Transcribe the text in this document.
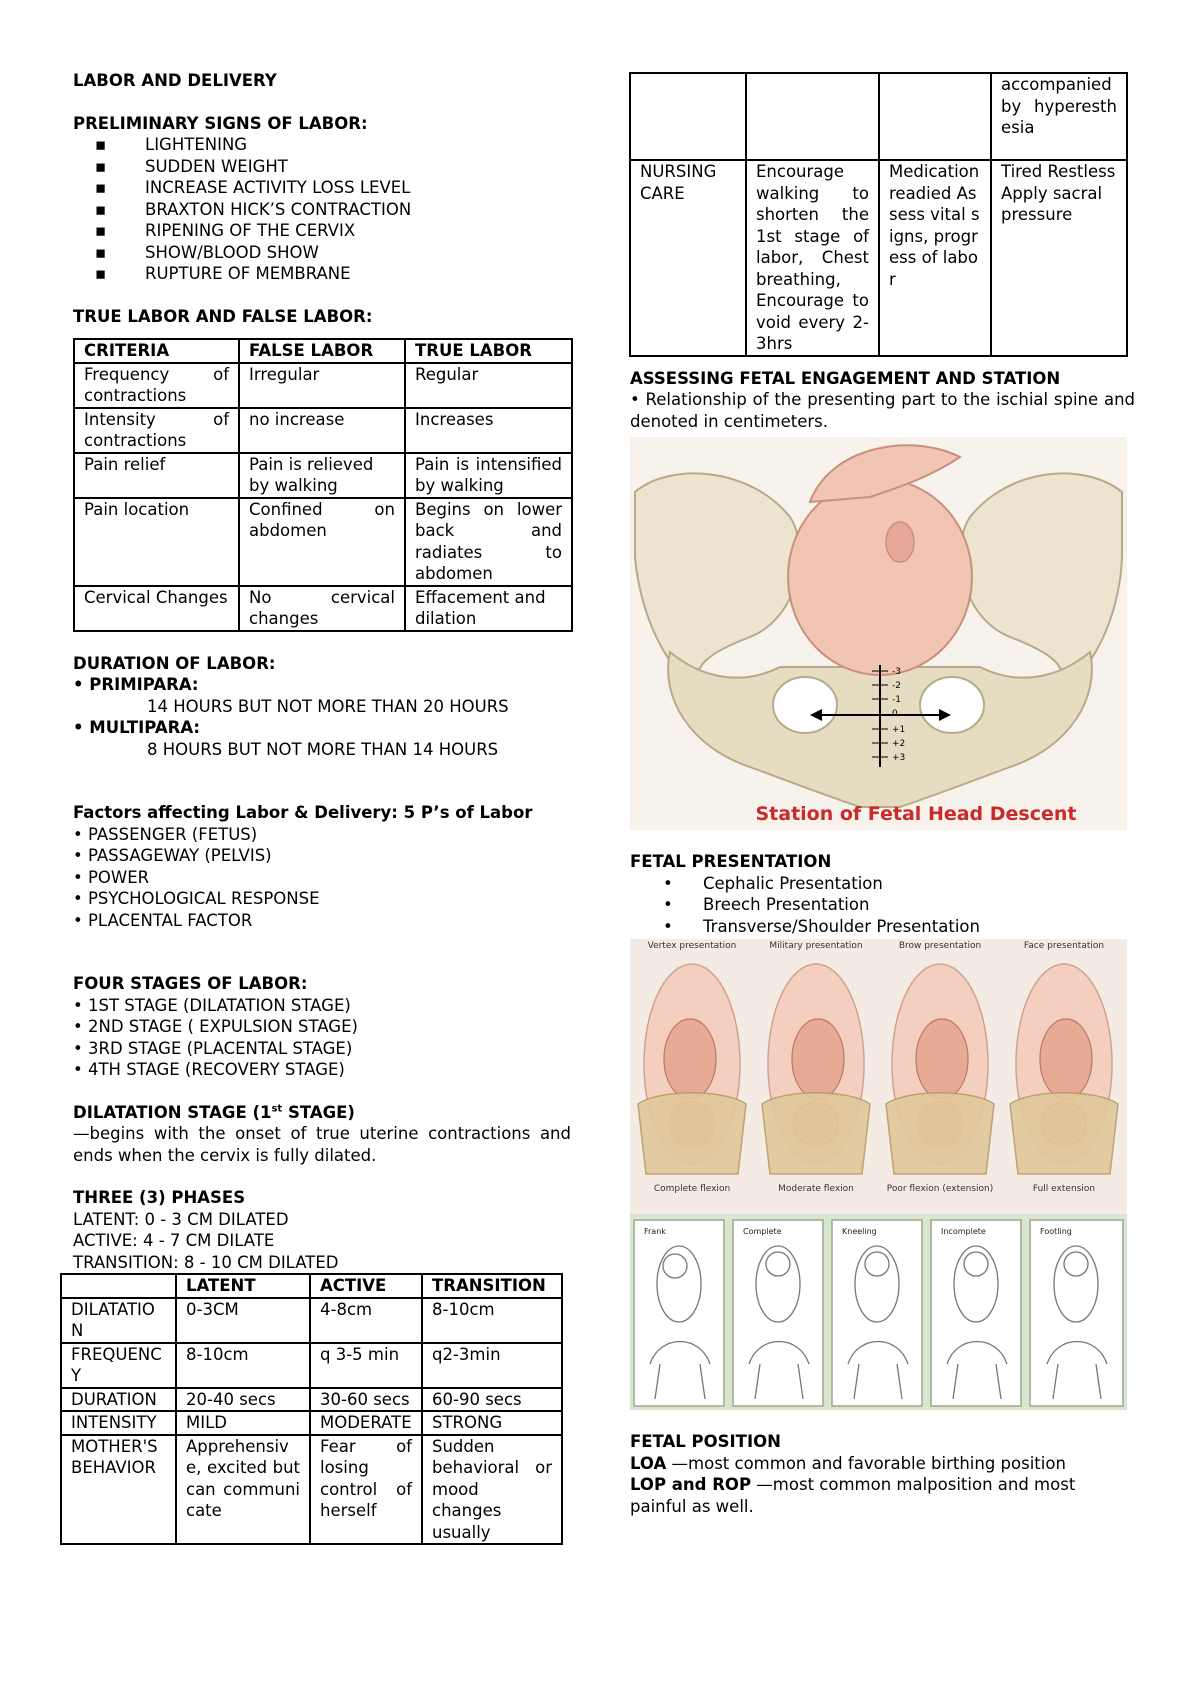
LABOR AND DELIVERY
PRELIMINARY SIGNS OF LABOR:
▪ LIGHTENING
▪ SUDDEN WEIGHT
▪ INCREASE ACTIVITY LOSS LEVEL
▪ BRAXTON HICK’S CONTRACTION
▪ RIPENING OF THE CERVIX
▪ SHOW/BLOOD SHOW
▪ RUPTURE OF MEMBRANE
TRUE LABOR AND FALSE LABOR:
CRITERIA	FALSE LABOR	TRUE LABOR
Frequency of contractions	Irregular	Regular
Intensity of contractions	no increase	Increases
Pain relief	Pain is relieved by walking	Pain is intensified by walking
Pain location	Confined on abdomen	Begins on lower back and radiates to abdomen
Cervical Changes	No cervical changes	Effacement and dilation
DURATION OF LABOR:
• PRIMIPARA:
14 HOURS BUT NOT MORE THAN 20 HOURS
• MULTIPARA:
8 HOURS BUT NOT MORE THAN 14 HOURS
Factors affecting Labor & Delivery: 5 P’s of Labor
• PASSENGER (FETUS)
• PASSAGEWAY (PELVIS)
• POWER
• PSYCHOLOGICAL RESPONSE
• PLACENTAL FACTOR
FOUR STAGES OF LABOR:
• 1ST STAGE (DILATATION STAGE)
• 2ND STAGE ( EXPULSION STAGE)
• 3RD STAGE (PLACENTAL STAGE)
• 4TH STAGE (RECOVERY STAGE)
DILATATION STAGE (1st STAGE)
—begins with the onset of true uterine contractions and ends when the cervix is fully dilated.
THREE (3) PHASES
LATENT: 0 - 3 CM DILATED
ACTIVE: 4 - 7 CM DILATE
TRANSITION: 8 - 10 CM DILATED
	LATENT	ACTIVE	TRANSITION
DILATATION	0-3CM	4-8cm	8-10cm
FREQUENCY	8-10cm	q 3-5 min	q2-3min
DURATION	20-40 secs	30-60 secs	60-90 secs
INTENSITY	MILD	MODERATE	STRONG
MOTHER'S BEHAVIOR	Apprehensive, excited but can communicate	Fear of losing control of herself	Sudden behavioral or mood changes usually
			accompanied by hyperesthesia
NURSING CARE	Encourage walking to shorten the 1st stage of labor, Chest breathing, Encourage to void every 2-3hrs	Medication readied Assess vital signs, progress of labor	Tired Restless Apply sacral pressure
ASSESSING FETAL ENGAGEMENT AND STATION
• Relationship of the presenting part to the ischial spine and denoted in centimeters.
-3
-2
-1
0
+1
+2
+3
Station of Fetal Head Descent
FETAL PRESENTATION
• Cephalic Presentation
• Breech Presentation
• Transverse/Shoulder Presentation
Vertex presentation	Military presentation	Brow presentation	Face presentation
Complete flexion	Moderate flexion	Poor flexion (extension)	Full extension
Frank	Complete	Kneeling	Incomplete	Footling
FETAL POSITION
LOA —most common and favorable birthing position
LOP and ROP —most common malposition and most painful as well.
